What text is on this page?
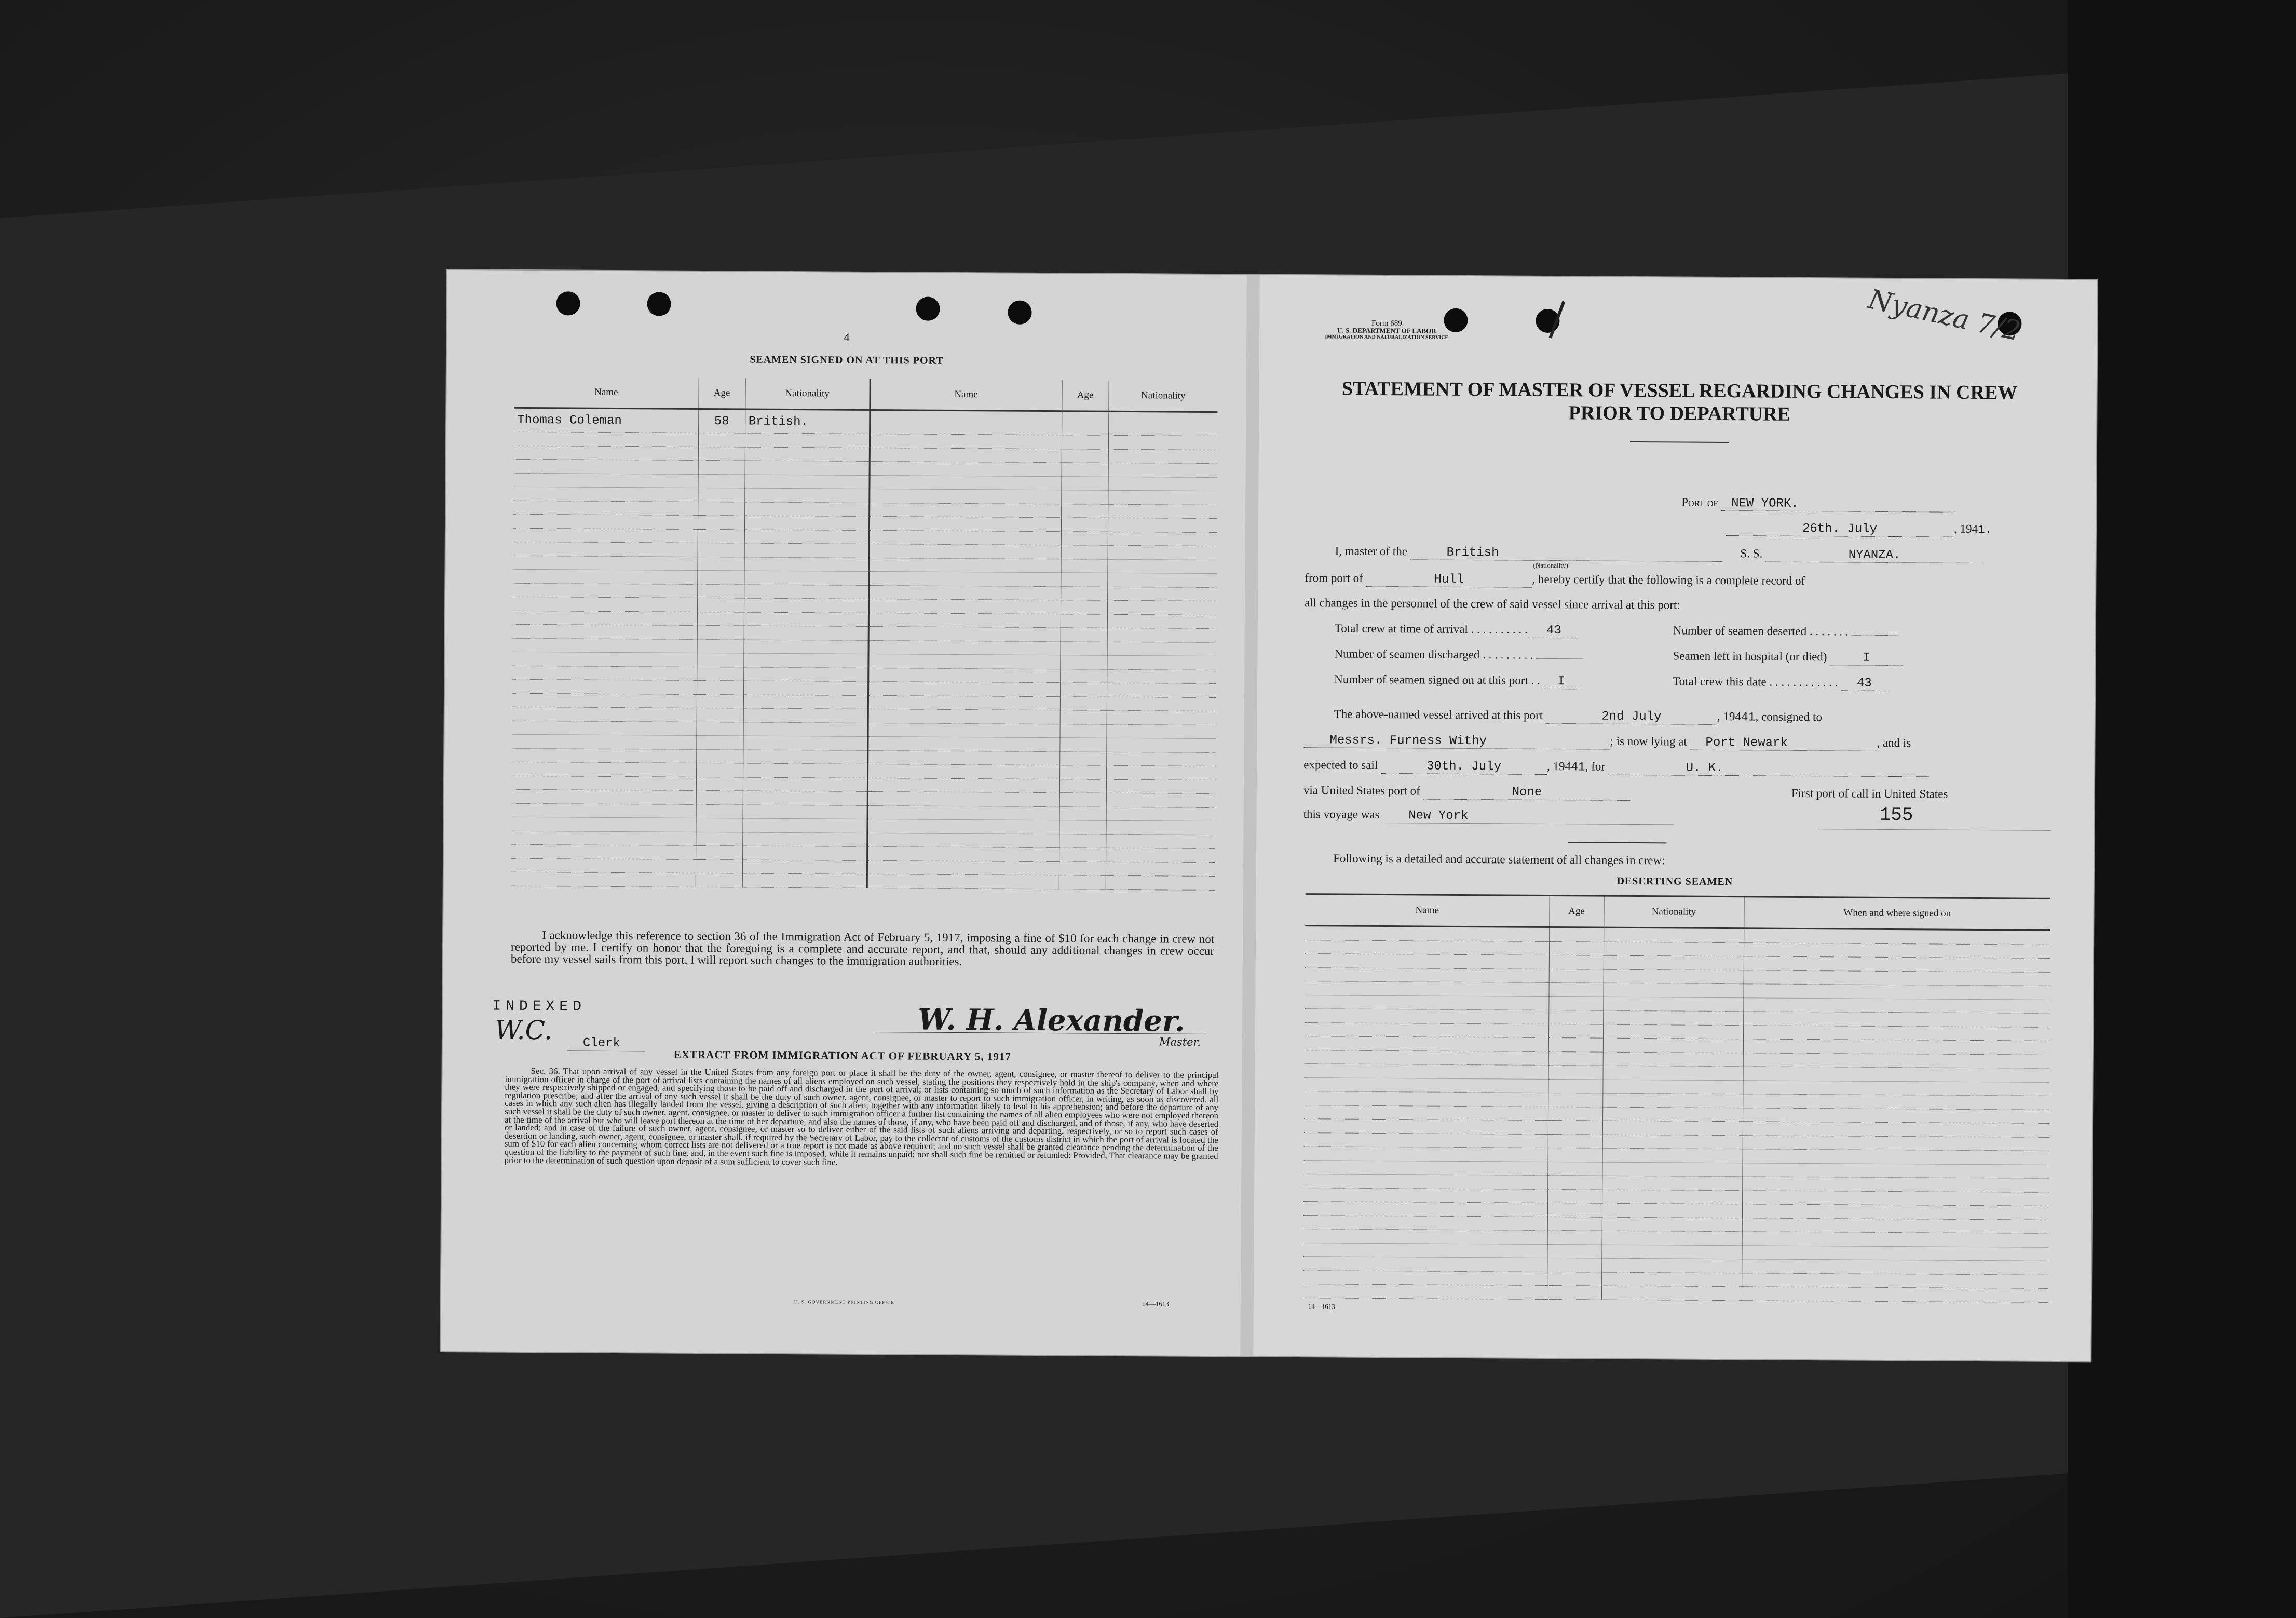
4
SEAMEN SIGNED ON AT THIS PORT
Name	Age	Nationality	Name	Age	Nationality
Thomas Coleman	58	British.			

I acknowledge this reference to section 36 of the Immigration Act of February 5, 1917, imposing a fine of $10 for each change in crew not reported by me. I certify on honor that the foregoing is a complete and accurate report, and that, should any additional changes in crew occur before my vessel sails from this port, I will report such changes to the immigration authorities.
INDEXED
W.C. Clerk
W. H. Alexander.
Master.
EXTRACT FROM IMMIGRATION ACT OF FEBRUARY 5, 1917
Sec. 36. That upon arrival of any vessel in the United States from any foreign port or place it shall be the duty of the owner, agent, consignee, or master thereof to deliver to the principal immigration officer in charge of the port of arrival lists containing the names of all aliens employed on such vessel, stating the positions they respectively hold in the ship's company, when and where they were respectively shipped or engaged, and specifying those to be paid off and discharged in the port of arrival; or lists containing so much of such information as the Secretary of Labor shall by regulation prescribe; and after the arrival of any such vessel it shall be the duty of such owner, agent, consignee, or master to report to such immigration officer, in writing, as soon as discovered, all cases in which any such alien has illegally landed from the vessel, giving a description of such alien, together with any information likely to lead to his apprehension; and before the departure of any such vessel it shall be the duty of such owner, agent, consignee, or master to deliver to such immigration officer a further list containing the names of all alien employees who were not employed thereon at the time of the arrival but who will leave port thereon at the time of her departure, and also the names of those, if any, who have been paid off and discharged, and of those, if any, who have deserted or landed; and in case of the failure of such owner, agent, consignee, or master so to deliver either of the said lists of such aliens arriving and departing, respectively, or so to report such cases of desertion or landing, such owner, agent, consignee, or master shall, if required by the Secretary of Labor, pay to the collector of customs of the customs district in which the port of arrival is located the sum of $10 for each alien concerning whom correct lists are not delivered or a true report is not made as above required; and no such vessel shall be granted clearance pending the determination of the question of the liability to the payment of such fine, and, in the event such fine is imposed, while it remains unpaid; nor shall such fine be remitted or refunded: Provided, That clearance may be granted prior to the determination of such question upon deposit of a sum sufficient to cover such fine.
U. S. GOVERNMENT PRINTING OFFICE	14—1613
Form 689
U. S. DEPARTMENT OF LABOR
IMMIGRATION AND NATURALIZATION SERVICE	Nyanza 7/2
STATEMENT OF MASTER OF VESSEL REGARDING CHANGES IN CREW
PRIOR TO DEPARTURE
Port of NEW YORK.
26th. July	, 1941.
I, master of the	British	S. S.	NYANZA.
(Nationality)
from port of	Hull	, hereby certify that the following is a complete record of
all changes in the personnel of the crew of said vessel since arrival at this port:
Total crew at time of arrival . . . . . . . . . . 43	Number of seamen deserted . . . . . . .
Number of seamen discharged . . . . . . . . .	Seamen left in hospital (or died)	I
Number of seamen signed on at this port . . I	Total crew this date . . . . . . . . . . . . 43
The above-named vessel arrived at this port	2nd July	, 19441, consigned to
Messrs. Furness Withy	; is now lying at Port Newark	, and is
expected to sail	30th. July	, 19441, for	U. K.
via United States port of	None	First port of call in United States
this voyage was New York	155
Following is a detailed and accurate statement of all changes in crew:
DESERTING SEAMEN
Name	Age	Nationality	When and where signed on

14—1613
